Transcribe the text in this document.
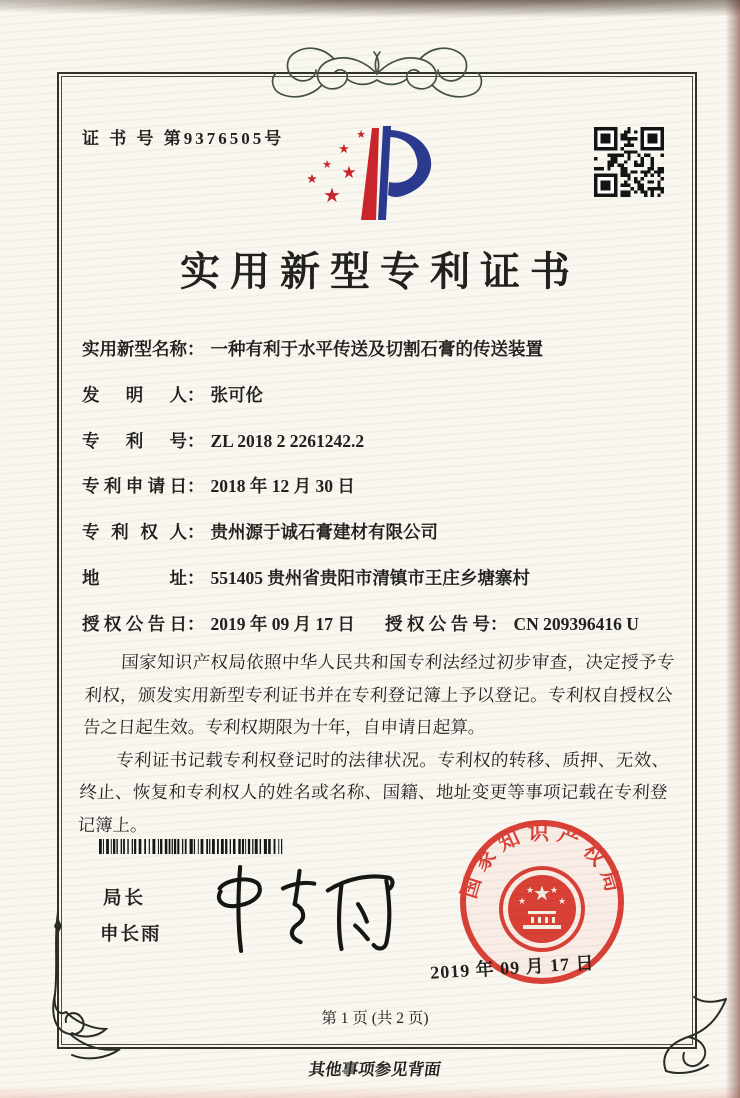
证 书 号 第9376505号	★
★
★ ★
★
★
实用新型专利证书
实用新型名称： 一种有利于水平传送及切割石膏的传送装置
发明人： 张可伦
专利号： ZL 2018 2 2261242.2
专利申请日： 2018 年 12 月 30 日
专利权人： 贵州源于诚石膏建材有限公司
地址： 551405 贵州省贵阳市清镇市王庄乡塘寨村
授权公告日： 2019 年 09 月 17 日 授权公告号： CN 209396416 U

国家知识产权局依照中华人民共和国专利法经过初步审查，决定授予专利权，颁发实用新型专利证书并在专利登记簿上予以登记。专利权自授权公告之日起生效。专利权期限为十年，自申请日起算。

专利证书记载专利权登记时的法律状况。专利权的转移、质押、无效、终止、恢复和专利权人的姓名或名称、国籍、地址变更等事项记载在专利登记簿上。

局长
申长雨
国家知识产权局
★
★
★ ★
★
2019 年 09 月 17 日
第 1 页 (共 2 页)
其他事项参见背面
